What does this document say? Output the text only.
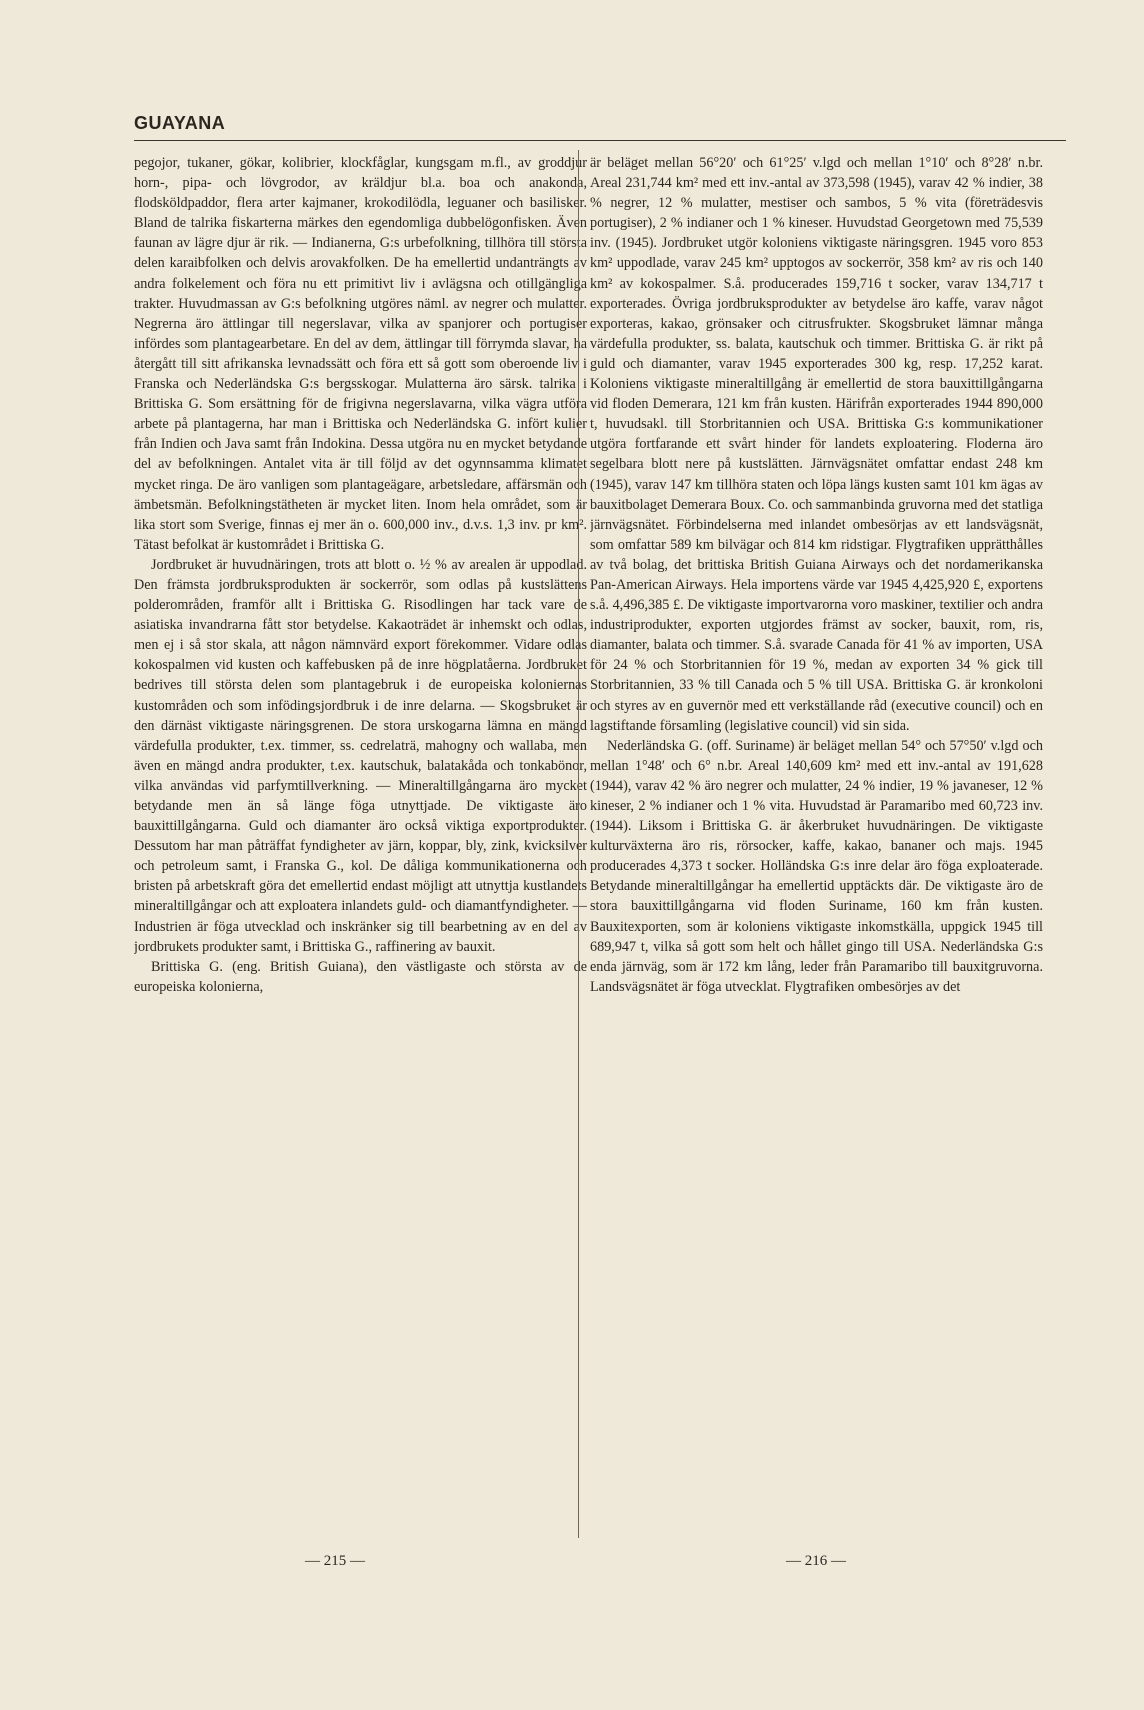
GUAYANA

pegojor, tukaner, gökar, kolibrier, klockfåglar, kungsgam m.fl., av groddjur horn-, pipa- och lövgrodor, av kräldjur bl.a. boa och anakonda, flodsköldpaddor, flera arter kajmaner, krokodilödla, leguaner och basilisker. Bland de talrika fiskarterna märkes den egendomliga dubbelögonfisken. Även faunan av lägre djur är rik. — Indianerna, G:s urbefolkning, tillhöra till största delen karaibfolken och delvis arovakfolken. De ha emellertid undanträngts av andra folkelement och föra nu ett primitivt liv i avlägsna och otillgängliga trakter. Huvudmassan av G:s befolkning utgöres näml. av negrer och mulatter. Negrerna äro ättlingar till negerslavar, vilka av spanjorer och portugiser infördes som plantagearbetare. En del av dem, ättlingar till förrymda slavar, ha återgått till sitt afrikanska levnadssätt och föra ett så gott som oberoende liv i Franska och Nederländska G:s bergsskogar. Mulatterna äro särsk. talrika i Brittiska G. Som ersättning för de frigivna negerslavarna, vilka vägra utföra arbete på plantagerna, har man i Brittiska och Nederländska G. infört kulier från Indien och Java samt från Indokina. Dessa utgöra nu en mycket betydande del av befolkningen. Antalet vita är till följd av det ogynnsamma klimatet mycket ringa. De äro vanligen som plantageägare, arbetsledare, affärsmän och ämbetsmän. Befolkningstätheten är mycket liten. Inom hela området, som är lika stort som Sverige, finnas ej mer än o. 600,000 inv., d.v.s. 1,3 inv. pr km². Tätast befolkat är kustområdet i Brittiska G.

Jordbruket är huvudnäringen, trots att blott o. ½ % av arealen är uppodlad. Den främsta jordbruksprodukten är sockerrör, som odlas på kustslättens polderområden, framför allt i Brittiska G. Risodlingen har tack vare de asiatiska invandrarna fått stor betydelse. Kakaoträdet är inhemskt och odlas, men ej i så stor skala, att någon nämnvärd export förekommer. Vidare odlas kokospalmen vid kusten och kaffebusken på de inre högplatåerna. Jordbruket bedrives till största delen som plantagebruk i de europeiska koloniernas kustområden och som infödingsjordbruk i de inre delarna. — Skogsbruket är den därnäst viktigaste näringsgrenen. De stora urskogarna lämna en mängd värdefulla produkter, t.ex. timmer, ss. cedrelaträ, mahogny och wallaba, men även en mängd andra produkter, t.ex. kautschuk, balatakåda och tonkabönor, vilka användas vid parfymtillverkning. — Mineraltillgångarna äro mycket betydande men än så länge föga utnyttjade. De viktigaste äro bauxittillgångarna. Guld och diamanter äro också viktiga exportprodukter. Dessutom har man påträffat fyndigheter av järn, koppar, bly, zink, kvicksilver och petroleum samt, i Franska G., kol. De dåliga kommunikationerna och bristen på arbetskraft göra det emellertid endast möjligt att utnyttja kustlandets mineraltillgångar och att exploatera inlandets guld- och diamantfyndigheter. — Industrien är föga utvecklad och inskränker sig till bearbetning av en del av jordbrukets produkter samt, i Brittiska G., raffinering av bauxit.

Brittiska G. (eng. British Guiana), den västligaste och största av de europeiska kolonierna,

är beläget mellan 56°20′ och 61°25′ v.lgd och mellan 1°10′ och 8°28′ n.br. Areal 231,744 km² med ett inv.-antal av 373,598 (1945), varav 42 % indier, 38 % negrer, 12 % mulatter, mestiser och sambos, 5 % vita (företrädesvis portugiser), 2 % indianer och 1 % kineser. Huvudstad Georgetown med 75,539 inv. (1945). Jordbruket utgör koloniens viktigaste näringsgren. 1945 voro 853 km² uppodlade, varav 245 km² upptogos av sockerrör, 358 km² av ris och 140 km² av kokospalmer. S.å. producerades 159,716 t socker, varav 134,717 t exporterades. Övriga jordbruksprodukter av betydelse äro kaffe, varav något exporteras, kakao, grönsaker och citrusfrukter. Skogsbruket lämnar många värdefulla produkter, ss. balata, kautschuk och timmer. Brittiska G. är rikt på guld och diamanter, varav 1945 exporterades 300 kg, resp. 17,252 karat. Koloniens viktigaste mineraltillgång är emellertid de stora bauxittillgångarna vid floden Demerara, 121 km från kusten. Härifrån exporterades 1944 890,000 t, huvudsakl. till Storbritannien och USA. Brittiska G:s kommunikationer utgöra fortfarande ett svårt hinder för landets exploatering. Floderna äro segelbara blott nere på kustslätten. Järnvägsnätet omfattar endast 248 km (1945), varav 147 km tillhöra staten och löpa längs kusten samt 101 km ägas av bauxitbolaget Demerara Boux. Co. och sammanbinda gruvorna med det statliga järnvägsnätet. Förbindelserna med inlandet ombesörjas av ett landsvägsnät, som omfattar 589 km bilvägar och 814 km ridstigar. Flygtrafiken upprätthålles av två bolag, det brittiska British Guiana Airways och det nordamerikanska Pan-American Airways. Hela importens värde var 1945 4,425,920 £, exportens s.å. 4,496,385 £. De viktigaste importvarorna voro maskiner, textilier och andra industriprodukter, exporten utgjordes främst av socker, bauxit, rom, ris, diamanter, balata och timmer. S.å. svarade Canada för 41 % av importen, USA för 24 % och Storbritannien för 19 %, medan av exporten 34 % gick till Storbritannien, 33 % till Canada och 5 % till USA. Brittiska G. är kronkoloni och styres av en guvernör med ett verkställande råd (executive council) och en lagstiftande församling (legislative council) vid sin sida.

Nederländska G. (off. Suriname) är beläget mellan 54° och 57°50′ v.lgd och mellan 1°48′ och 6° n.br. Areal 140,609 km² med ett inv.-antal av 191,628 (1944), varav 42 % äro negrer och mulatter, 24 % indier, 19 % javaneser, 12 % kineser, 2 % indianer och 1 % vita. Huvudstad är Paramaribo med 60,723 inv. (1944). Liksom i Brittiska G. är åkerbruket huvudnäringen. De viktigaste kulturväxterna äro ris, rörsocker, kaffe, kakao, bananer och majs. 1945 producerades 4,373 t socker. Holländska G:s inre delar äro föga exploaterade. Betydande mineraltillgångar ha emellertid upptäckts där. De viktigaste äro de stora bauxittillgångarna vid floden Suriname, 160 km från kusten. Bauxitexporten, som är koloniens viktigaste inkomstkälla, uppgick 1945 till 689,947 t, vilka så gott som helt och hållet gingo till USA. Nederländska G:s enda järnväg, som är 172 km lång, leder från Paramaribo till bauxitgruvorna. Landsvägsnätet är föga utvecklat. Flygtrafiken ombesörjes av det

— 215 —	— 216 —
